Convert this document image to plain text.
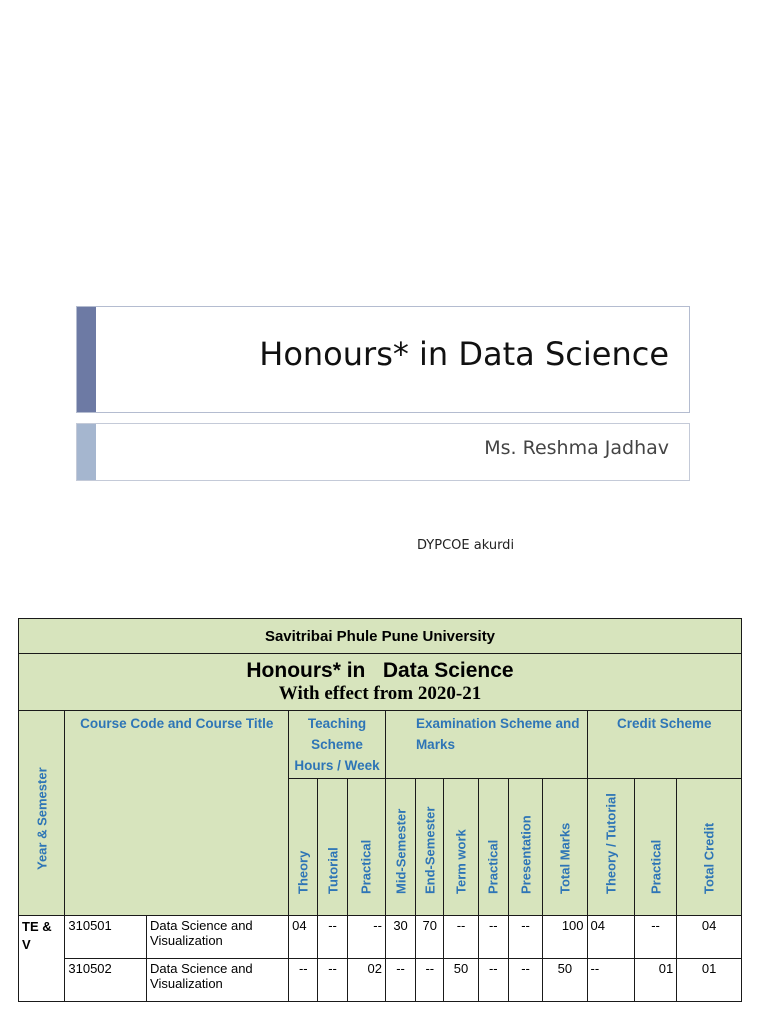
Honours* in Data Science
Ms. Reshma Jadhav
DYPCOE akurdi
Savitribai Phule Pune University														

Honours* in   Data Science
With effect from 2020-21														

Year & Semester	Course Code and Course Title		Teaching Scheme Hours / Week			Examination Scheme and Marks						Credit Scheme		

			Theory	Tutorial	Practical	Mid-Semester	End-Semester	Term work	Practical	Presentation	Total Marks	Theory / Tutorial	Practical	Total Credit

TE & V	310501	Data Science and Visualization	04	--	--	30	70	--	--	--	100	04	--	04
	310502	Data Science and Visualization	--	--	02	--	--	50	--	--	50	--	01	01
